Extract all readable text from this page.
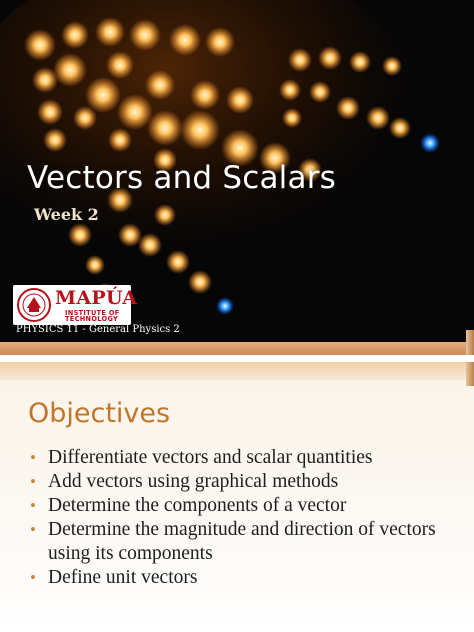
Vectors and Scalars
Week 2
MAPÚA
INSTITUTE OF
TECHNOLOGY
PHYSICS 11 - General Physics 2
Objectives
• Differentiate vectors and scalar quantities
• Add vectors using graphical methods
• Determine the components of a vector
• Determine the magnitude and direction of vectors using its components
• Define unit vectors
